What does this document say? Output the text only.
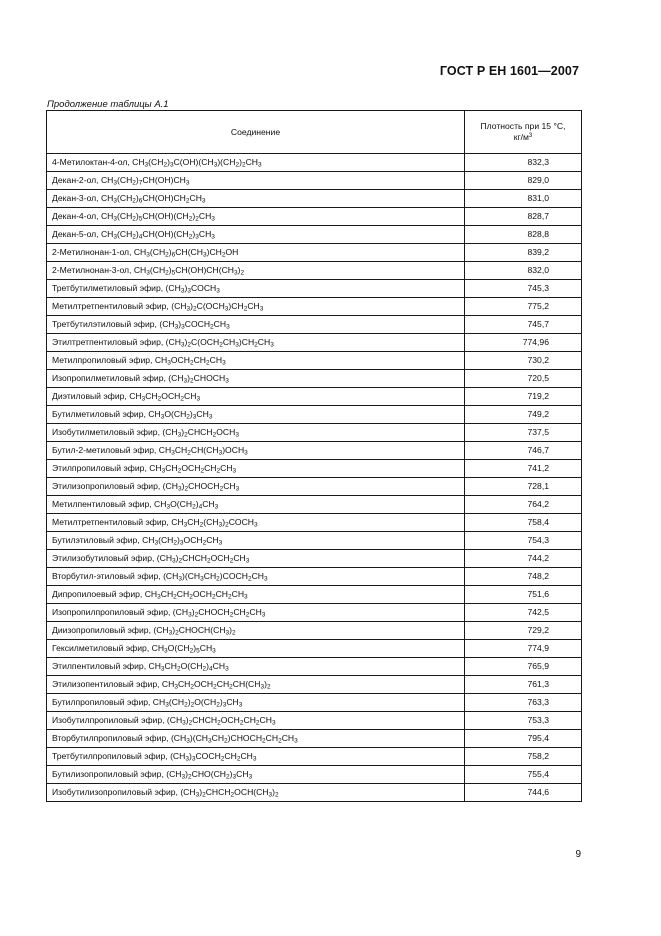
ГОСТ Р ЕН 1601—2007
Продолжение таблицы А.1
Соединение	Плотность при 15 °С,
$кг/м^3$
4-Метилоктан-4-ол, $CH_3(CH_2)_3C(OH)(CH_3)(CH_2)_2CH_3$	832,3
Декан-2-ол, $CH_3(CH_2)_7CH(OH)CH_3$	829,0
Декан-3-ол, $CH_3(CH_2)_6CH(OH)CH_2CH_3$	831,0
Декан-4-ол, $CH_3(CH_2)_5CH(OH)(CH_2)_2CH_3$	828,7
Декан-5-ол, $CH_3(CH_2)_4CH(OH)(CH_2)_3CH_3$	828,8
2-Метилнонан-1-ол, $CH_3(CH_2)_6CH(CH_3)CH_2OH$	839,2
2-Метилнонан-3-ол, $CH_3(CH_2)_5CH(OH)CH(CH_3)_2$	832,0
Третбутилметиловый эфир, $(CH_3)_3COCH_3$	745,3
Метилтретпентиловый эфир, $(CH_3)_2C(OCH_3)CH_2CH_3$	775,2
Третбутилэтиловый эфир, $(CH_3)_3COCH_2CH_3$	745,7
Этилтретпентиловый эфир, $(CH_3)_2C(OCH_2CH_3)CH_2CH_3$	774,96
Метилпропиловый эфир, $CH_3OCH_2CH_2CH_3$	730,2
Изопропилметиловый эфир, $(CH_3)_2CHOCH_3$	720,5
Диэтиловый эфир, $CH_3CH_2OCH_2CH_3$	719,2
Бутилметиловый эфир, $CH_3O(CH_2)_3CH_3$	749,2
Изобутилметиловый эфир, $(CH_3)_2CHCH_2OCH_3$	737,5
Бутил-2-метиловый эфир, $CH_3CH_2CH(CH_3)OCH_3$	746,7
Этилпропиловый эфир, $CH_3CH_2OCH_2CH_2CH_3$	741,2
Этилизопропиловый эфир, $(CH_3)_2CHOCH_2CH_3$	728,1
Метилпентиловый эфир, $CH_3O(CH_2)_4CH_3$	764,2
Метилтретпентиловый эфир, $CH_3CH_2(CH_3)_2COCH_3$	758,4
Бутилэтиловый эфир, $CH_3(CH_2)_3OCH_2CH_3$	754,3
Этилизобутиловый эфир, $(CH_3)_2CHCH_2OCH_2CH_3$	744,2
Вторбутил-этиловый эфир, $(CH_3)(CH_3CH_2)COCH_2CH_3$	748,2
Дипропилоевый эфир, $CH_3CH_2CH_2OCH_2CH_2CH_3$	751,6
Изопропилпропиловый эфир, $(CH_3)_2CHOCH_2CH_2CH_3$	742,5
Диизопропиловый эфир, $(CH_3)_2CHOCH(CH_3)_2$	729,2
Гексилметиловый эфир, $CH_3O(CH_2)_5CH_3$	774,9
Этилпентиловый эфир, $CH_3CH_2O(CH_2)_4CH_3$	765,9
Этилизопентиловый эфир, $CH_3CH_2OCH_2CH_2CH(CH_3)_2$	761,3
Бутилпропиловый эфир, $CH_3(CH_2)_2O(CH_2)_3CH_3$	763,3
Изобутилпропиловый эфир, $(CH_3)_2CHCH_2OCH_2CH_2CH_3$	753,3
Вторбутилпропиловый эфир, $(CH_3)(CH_3CH_2)CHOCH_2CH_2CH_3$	795,4
Третбутилпропиловый эфир, $(CH_3)_3COCH_2CH_2CH_3$	758,2
Бутилизопропиловый эфир, $(CH_3)_2CHO(CH_2)_3CH_3$	755,4
Изобутилизопропиловый эфир, $(CH_3)_2CHCH_2OCH(CH_3)_2$	744,6
9
